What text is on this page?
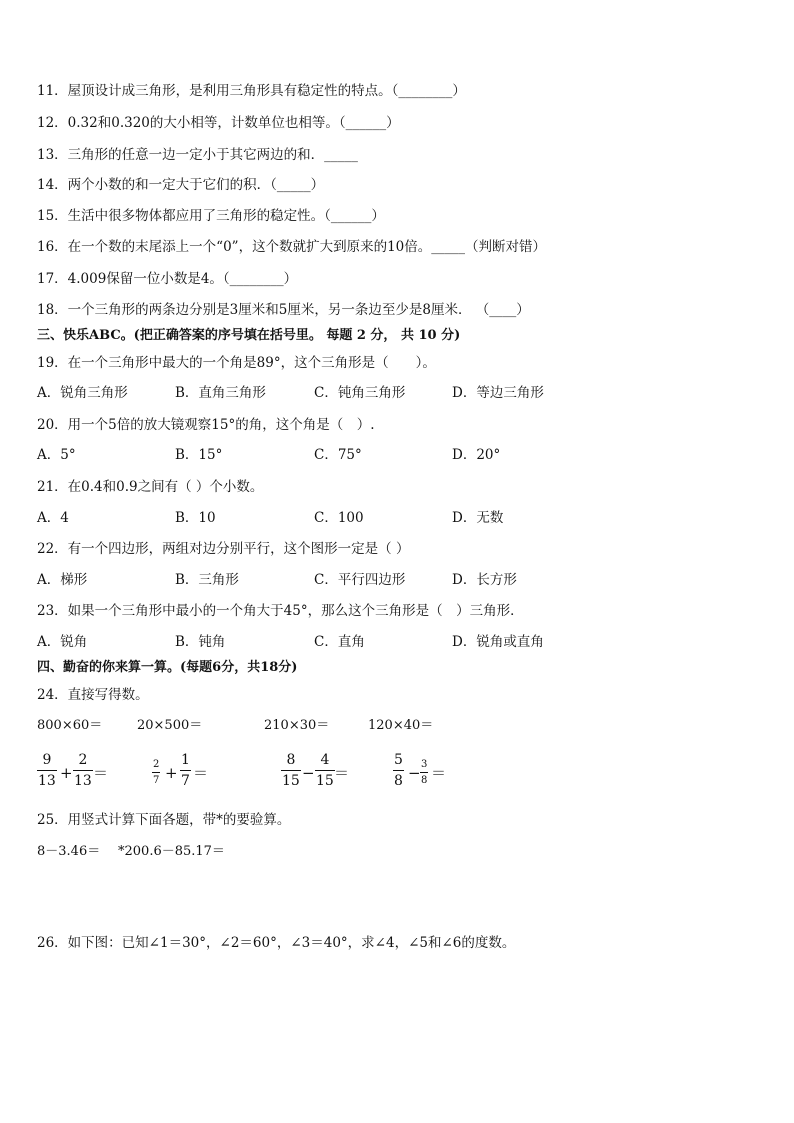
11．屋顶设计成三角形，是利用三角形具有稳定性的特点。（________）
12．0.32和0.320的大小相等，计数单位也相等。（______）
13．三角形的任意一边一定小于其它两边的和．_____
14．两个小数的和一定大于它们的积．（_____）
15．生活中很多物体都应用了三角形的稳定性。（______）
16．在一个数的末尾添上一个“0”，这个数就扩大到原来的10倍。_____（判断对错）
17．4.009保留一位小数是4。（________）
18．一个三角形的两条边分别是3厘米和5厘米，另一条边至少是8厘米． （____）
三、快乐ABC。(把正确答案的序号填在括号里。 每题 2 分， 共 10 分)
19．在一个三角形中最大的一个角是89°，这个三角形是（　　）。
A．锐角三角形	B．直角三角形	C．钝角三角形	D．等边三角形
20．用一个5倍的放大镜观察15°的角，这个角是（　）.
A．5°	B．15°	C．75°	D．20°
21．在0.4和0.9之间有（ ）个小数。
A．4	B．10	C．100	D．无数
22．有一个四边形，两组对边分别平行，这个图形一定是（ ）
A．梯形	B．三角形	C．平行四边形	D．长方形
23．如果一个三角形中最小的一个角大于45°，那么这个三角形是（　）三角形．
A．锐角	B．钝角	C．直角	D．锐角或直角
四、勤奋的你来算一算。(每题6分，共18分)
24．直接写得数。
800×60＝	20×500＝	210×30＝	120×40＝
9
13 +
2
13 ＝	2
7 +
1
7 ＝
8
15 −
4
15 ＝
5
8 − 3
8 ＝
25．用竖式计算下面各题，带*的要验算。
8－3.46＝ *200.6－85.17＝
26．如下图：已知∠1＝30°，∠2＝60°，∠3＝40°，求∠4，∠5和∠6的度数。
